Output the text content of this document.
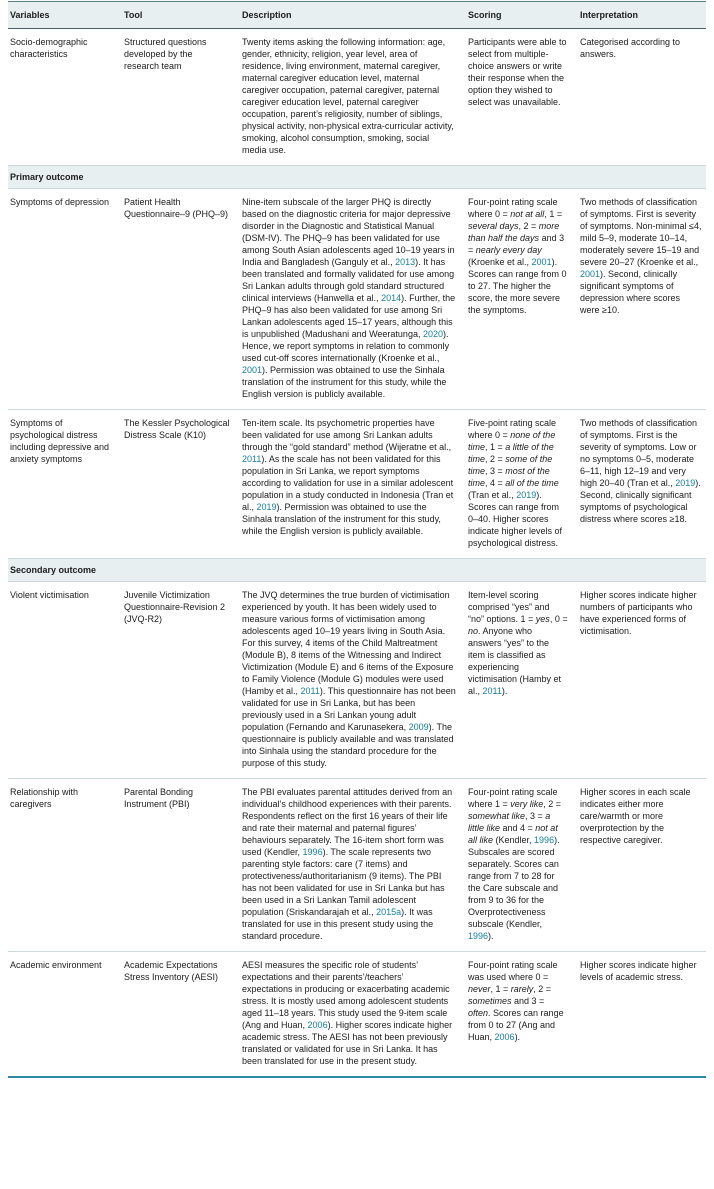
Variables	Tool	Description	Scoring	Interpretation
Socio-demographic characteristics	Structured questions developed by the research team	Twenty items asking the following information: age, gender, ethnicity, religion, year level, area of residence, living environment, maternal caregiver, maternal caregiver education level, maternal caregiver occupation, paternal caregiver, paternal caregiver education level, paternal caregiver occupation, parent’s religiosity, number of siblings, physical activity, non-physical extra-curricular activity, smoking, alcohol consumption, smoking, social media use.	Participants were able to select from multiple-choice answers or write their response when the option they wished to select was unavailable.	Categorised according to answers.
Primary outcome				
Symptoms of depression	Patient Health Questionnaire–9 (PHQ–9)	Nine-item subscale of the larger PHQ is directly based on the diagnostic criteria for major depressive disorder in the Diagnostic and Statistical Manual (DSM-IV). The PHQ–9 has been validated for use among South Asian adolescents aged 10–19 years in India and Bangladesh (Ganguly et al., 2013). It has been translated and formally validated for use among Sri Lankan adults through gold standard structured clinical interviews (Hanwella et al., 2014). Further, the PHQ–9 has also been validated for use among Sri Lankan adolescents aged 15–17 years, although this is unpublished (Madushani and Weeratunga, 2020). Hence, we report symptoms in relation to commonly used cut-off scores internationally (Kroenke et al., 2001). Permission was obtained to use the Sinhala translation of the instrument for this study, while the English version is publicly available.	Four-point rating scale where 0 = not at all, 1 = several days, 2 = more than half the days and 3 = nearly every day (Kroenke et al., 2001). Scores can range from 0 to 27. The higher the score, the more severe the symptoms.	Two methods of classification of symptoms. First is severity of symptoms. Non-minimal ≤4, mild 5–9, moderate 10–14, moderately severe 15–19 and severe 20–27 (Kroenke et al., 2001). Second, clinically significant symptoms of depression where scores were ≥10.
Symptoms of psychological distress including depressive and anxiety symptoms	The Kessler Psychological Distress Scale (K10)	Ten-item scale. Its psychometric properties have been validated for use among Sri Lankan adults through the “gold standard” method (Wijeratne et al., 2011). As the scale has not been validated for this population in Sri Lanka, we report symptoms according to validation for use in a similar adolescent population in a study conducted in Indonesia (Tran et al., 2019). Permission was obtained to use the Sinhala translation of the instrument for this study, while the English version is publicly available.	Five-point rating scale where 0 = none of the time, 1 = a little of the time, 2 = some of the time, 3 = most of the time, 4 = all of the time (Tran et al., 2019). Scores can range from 0–40. Higher scores indicate higher levels of psychological distress.	Two methods of classification of symptoms. First is the severity of symptoms. Low or no symptoms 0–5, moderate 6–11, high 12–19 and very high 20–40 (Tran et al., 2019). Second, clinically significant symptoms of psychological distress where scores ≥18.
Secondary outcome				
Violent victimisation	Juvenile Victimization Questionnaire-Revision 2 (JVQ-R2)	The JVQ determines the true burden of victimisation experienced by youth. It has been widely used to measure various forms of victimisation among adolescents aged 10–19 years living in South Asia. For this survey, 4 items of the Child Maltreatment (Module B), 8 items of the Witnessing and Indirect Victimization (Module E) and 6 items of the Exposure to Family Violence (Module G) modules were used (Hamby et al., 2011). This questionnaire has not been validated for use in Sri Lanka, but has been previously used in a Sri Lankan young adult population (Fernando and Karunasekera, 2009). The questionnaire is publicly available and was translated into Sinhala using the standard procedure for the purpose of this study.	Item-level scoring comprised “yes” and “no” options. 1 = yes, 0 = no. Anyone who answers “yes” to the item is classified as experiencing victimisation (Hamby et al., 2011).	Higher scores indicate higher numbers of participants who have experienced forms of victimisation.
Relationship with caregivers	Parental Bonding Instrument (PBI)	The PBI evaluates parental attitudes derived from an individual’s childhood experiences with their parents. Respondents reflect on the first 16 years of their life and rate their maternal and paternal figures’ behaviours separately. The 16-item short form was used (Kendler, 1996). The scale represents two parenting style factors: care (7 items) and protectiveness/authoritarianism (9 items). The PBI has not been validated for use in Sri Lanka but has been used in a Sri Lankan Tamil adolescent population (Sriskandarajah et al., 2015a). It was translated for use in this present study using the standard procedure.	Four-point rating scale where 1 = very like, 2 = somewhat like, 3 = a little like and 4 = not at all like (Kendler, 1996). Subscales are scored separately. Scores can range from 7 to 28 for the Care subscale and from 9 to 36 for the Overprotectiveness subscale (Kendler, 1996).	Higher scores in each scale indicates either more care/warmth or more overprotection by the respective caregiver.
Academic environment	Academic Expectations Stress Inventory (AESI)	AESI measures the specific role of students’ expectations and their parents’/teachers’ expectations in producing or exacerbating academic stress. It is mostly used among adolescent students aged 11–18 years. This study used the 9-item scale (Ang and Huan, 2006). Higher scores indicate higher academic stress. The AESI has not been previously translated or validated for use in Sri Lanka. It has been translated for use in the present study.	Four-point rating scale was used where 0 = never, 1 = rarely, 2 = sometimes and 3 = often. Scores can range from 0 to 27 (Ang and Huan, 2006).	Higher scores indicate higher levels of academic stress.
